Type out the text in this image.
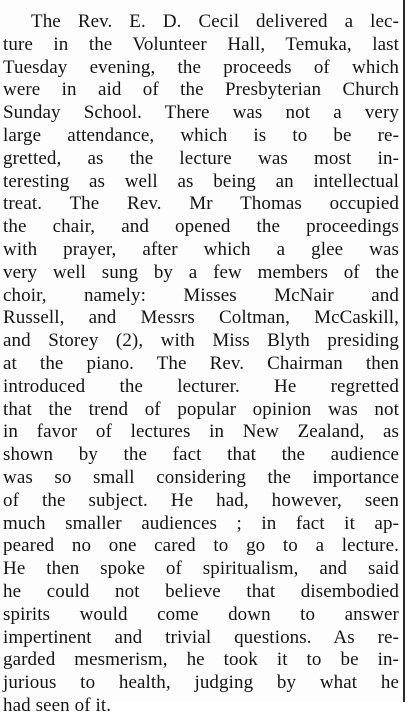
The Rev. E. D. Cecil delivered a lec-
ture in the Volunteer Hall, Temuka, last
Tuesday evening, the proceeds of which
were in aid of the Presbyterian Church
Sunday School. There was not a very
large attendance, which is to be re-
gretted, as the lecture was most in-
teresting as well as being an intellectual
treat. The Rev. Mr Thomas occupied
the chair, and opened the proceedings
with prayer, after which a glee was
very well sung by a few members of the
choir, namely: Misses McNair and
Russell, and Messrs Coltman, McCaskill,
and Storey (2), with Miss Blyth presiding
at the piano. The Rev. Chairman then
introduced the lecturer. He regretted
that the trend of popular opinion was not
in favor of lectures in New Zealand, as
shown by the fact that the audience
was so small considering the importance
of the subject. He had, however, seen
much smaller audiences ; in fact it ap-
peared no one cared to go to a lecture.
He then spoke of spiritualism, and said
he could not believe that disembodied
spirits would come down to answer
impertinent and trivial questions. As re-
garded mesmerism, he took it to be in-
jurious to health, judging by what he
had seen of it.
